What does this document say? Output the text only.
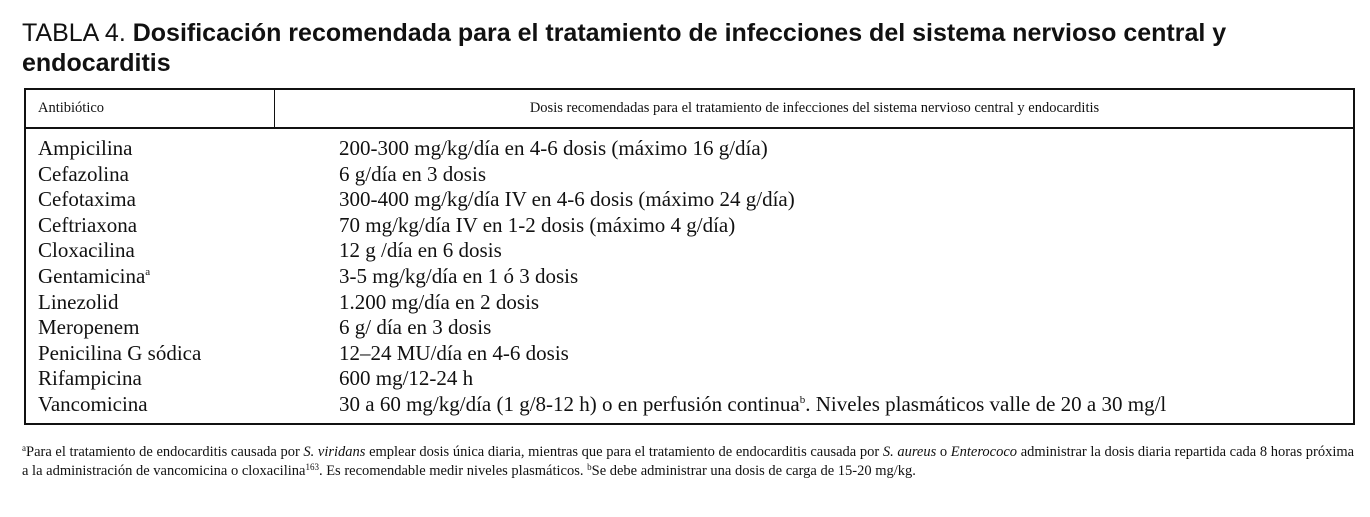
TABLA 4. Dosificación recomendada para el tratamiento de infecciones del sistema nervioso central y endocarditis
Antibiótico	Dosis recomendadas para el tratamiento de infecciones del sistema nervioso central y endocarditis
Ampicilina	200-300 mg/kg/día en 4-6 dosis (máximo 16 g/día)
Cefazolina	6 g/día en 3 dosis
Cefotaxima	300-400 mg/kg/día IV en 4-6 dosis (máximo 24 g/día)
Ceftriaxona	70 mg/kg/día IV en 1-2 dosis (máximo 4 g/día)
Cloxacilina	12 g /día en 6 dosis
Gentamicina$^a$	3-5 mg/kg/día en 1 ó 3 dosis
Linezolid	1.200 mg/día en 2 dosis
Meropenem	6 g/ día en 3 dosis
Penicilina G sódica	12–24 MU/día en 4-6 dosis
Rifampicina	600 mg/12-24 h
Vancomicina	30 a 60 mg/kg/día (1 g/8-12 h) o en perfusión continua$^b$. Niveles plasmáticos valle de 20 a 30 mg/l
$^a$Para el tratamiento de endocarditis causada por S. viridans emplear dosis única diaria, mientras que para el tratamiento de endocarditis causada por S. aureus o Enterococo administrar la dosis diaria repartida cada 8 horas próxima a la administración de vancomicina o cloxacilina$^{163}$. Es recomendable medir niveles plasmáticos. $^b$Se debe administrar una dosis de carga de 15-20 mg/kg.
